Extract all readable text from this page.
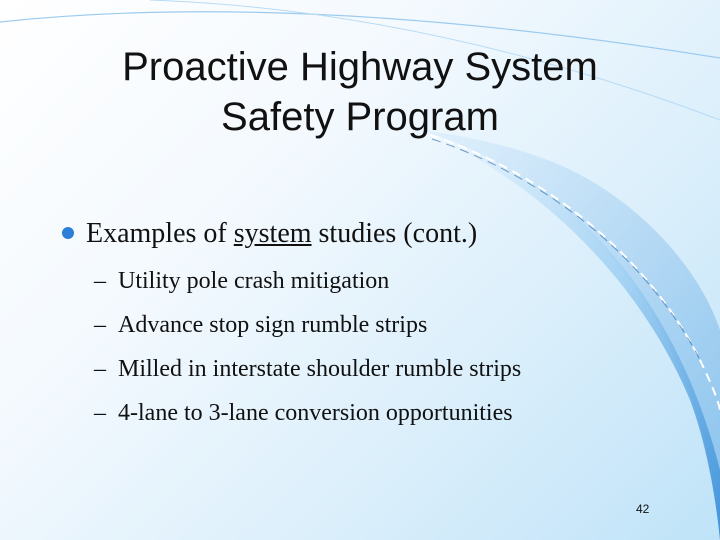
Proactive Highway System
Safety Program
Examples of system studies (cont.)
– Utility pole crash mitigation
– Advance stop sign rumble strips
– Milled in interstate shoulder rumble strips
– 4-lane to 3-lane conversion opportunities
42
